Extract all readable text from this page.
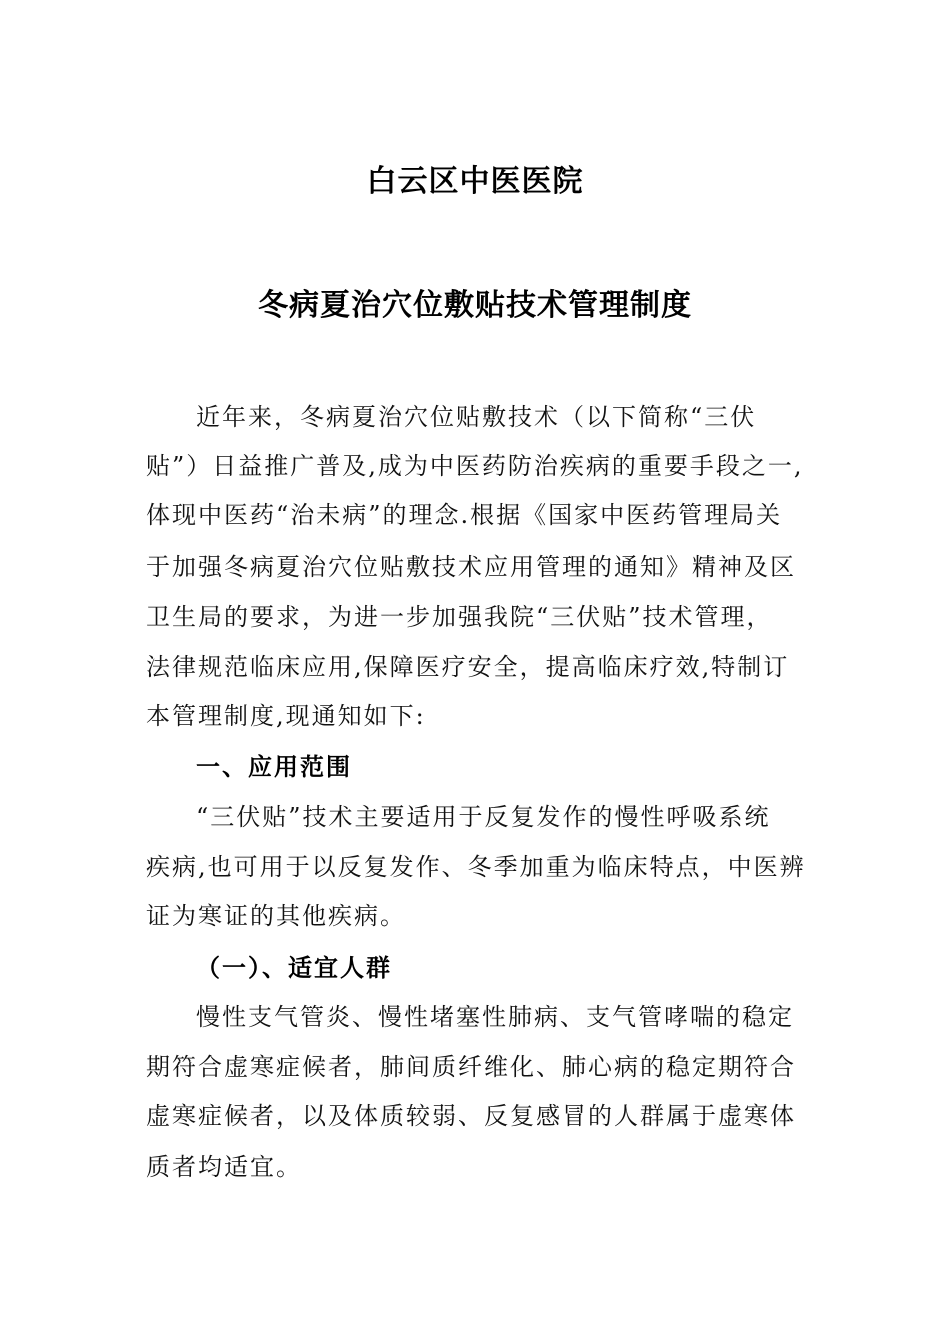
白云区中医医院
冬病夏治穴位敷贴技术管理制度
近年来，冬病夏治穴位贴敷技术（以下简称“三伏
贴”）日益推广普及,成为中医药防治疾病的重要手段之一,
体现中医药“治未病”的理念.根据《国家中医药管理局关
于加强冬病夏治穴位贴敷技术应用管理的通知》精神及区
卫生局的要求，为进一步加强我院“三伏贴”技术管理，
法律规范临床应用,保障医疗安全，提高临床疗效,特制订
本管理制度,现通知如下:
一、应用范围
“三伏贴”技术主要适用于反复发作的慢性呼吸系统
疾病,也可用于以反复发作、冬季加重为临床特点，中医辨
证为寒证的其他疾病。
（一）、适宜人群
慢性支气管炎、慢性堵塞性肺病、支气管哮喘的稳定
期符合虚寒症候者，肺间质纤维化、肺心病的稳定期符合
虚寒症候者，以及体质较弱、反复感冒的人群属于虚寒体
质者均适宜。
